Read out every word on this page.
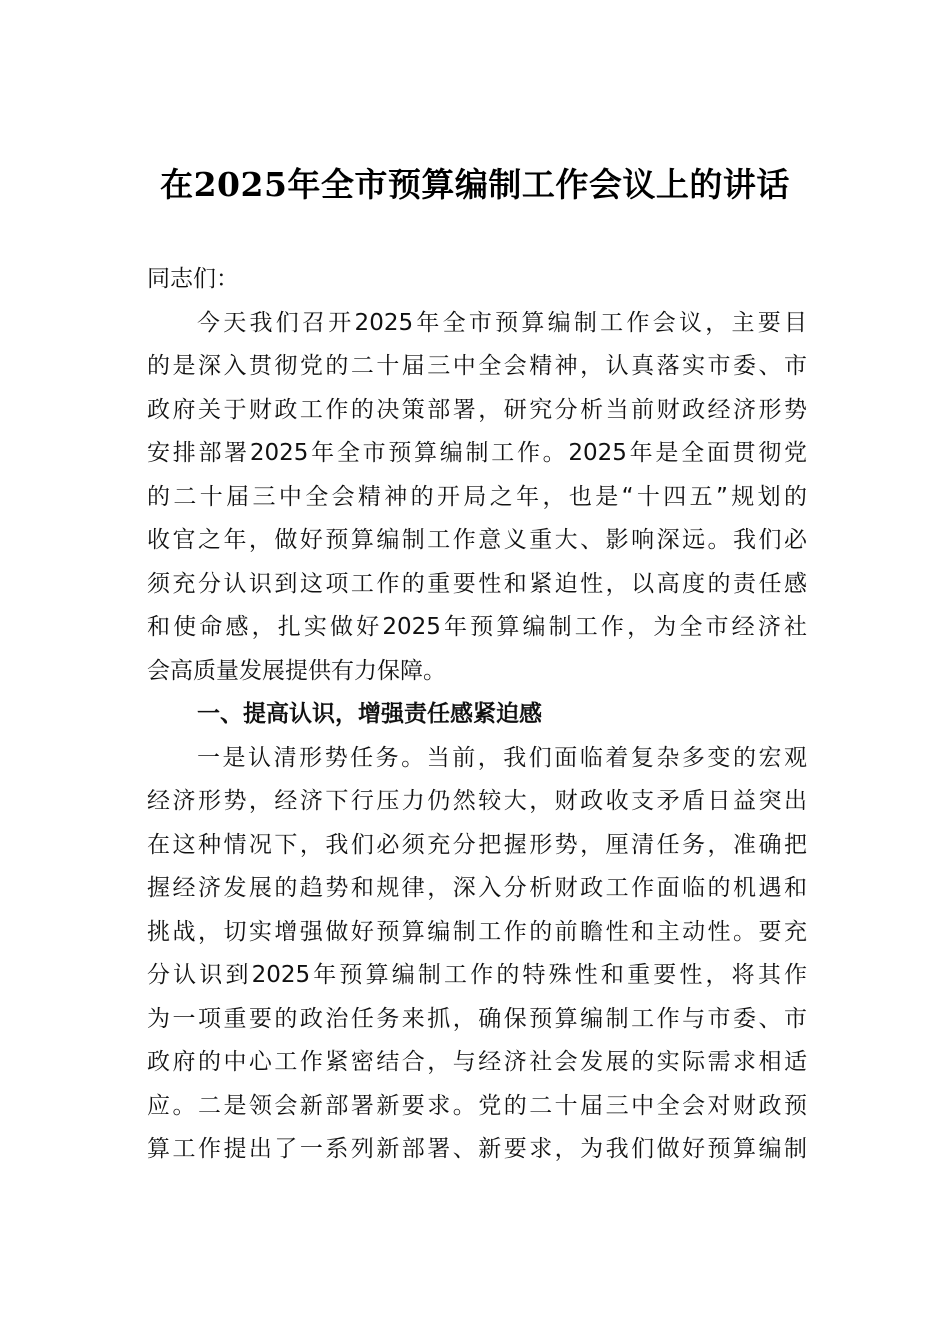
在2025年全市预算编制工作会议上的讲话
同志们：
今天我们召开2025年全市预算编制工作会议，主要目
的是深入贯彻党的二十届三中全会精神，认真落实市委、市
政府关于财政工作的决策部署，研究分析当前财政经济形势
安排部署2025年全市预算编制工作。2025年是全面贯彻党
的二十届三中全会精神的开局之年，也是“十四五”规划的
收官之年，做好预算编制工作意义重大、影响深远。我们必
须充分认识到这项工作的重要性和紧迫性，以高度的责任感
和使命感，扎实做好2025年预算编制工作，为全市经济社
会高质量发展提供有力保障。
一、提高认识，增强责任感紧迫感
一是认清形势任务。当前，我们面临着复杂多变的宏观
经济形势，经济下行压力仍然较大，财政收支矛盾日益突出
在这种情况下，我们必须充分把握形势，厘清任务，准确把
握经济发展的趋势和规律，深入分析财政工作面临的机遇和
挑战，切实增强做好预算编制工作的前瞻性和主动性。要充
分认识到2025年预算编制工作的特殊性和重要性，将其作
为一项重要的政治任务来抓，确保预算编制工作与市委、市
政府的中心工作紧密结合，与经济社会发展的实际需求相适
应。二是领会新部署新要求。党的二十届三中全会对财政预
算工作提出了一系列新部署、新要求，为我们做好预算编制
